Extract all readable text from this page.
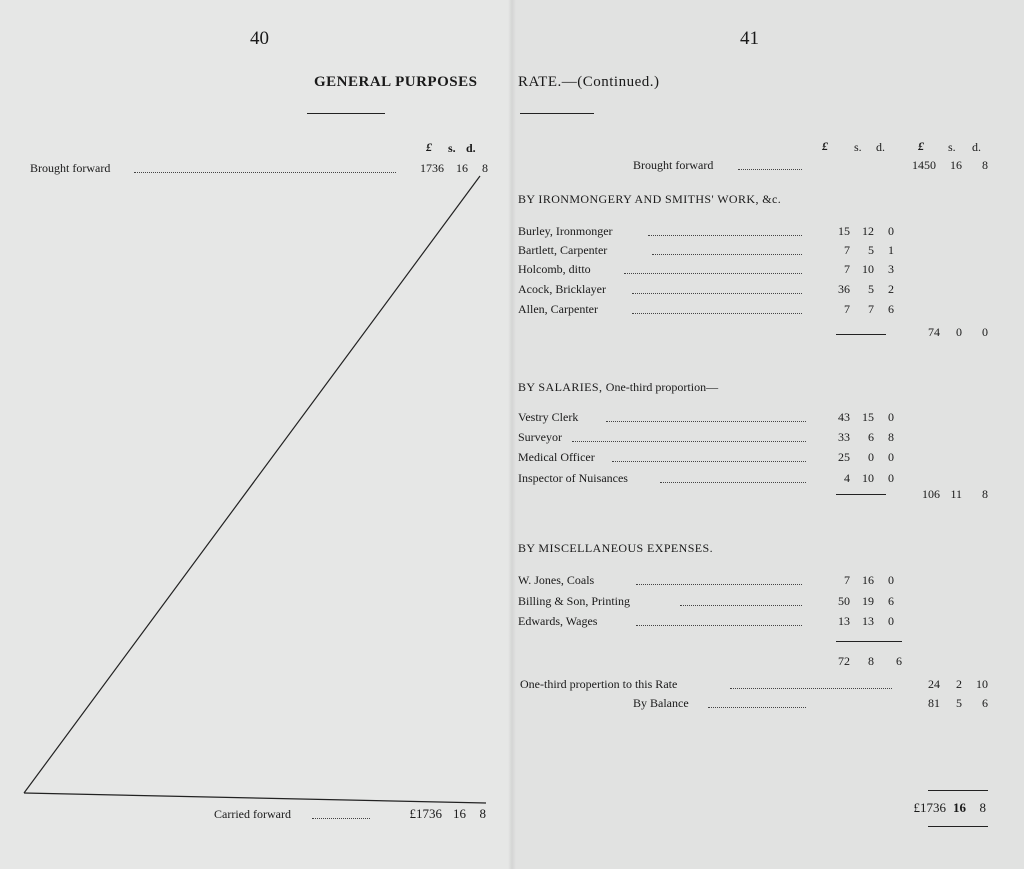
40
GENERAL PURPOSES
£ s. d.
Brought forward	1736	16	8
Carried forward	£1736 16	8
41
RATE.—(Continued.)
£ s. d.	£ s. d.
Brought forward	1450	16	8
BY IRONMONGERY AND SMITHS' WORK, &c.
Burley, Ironmonger	15	12	0
Bartlett, Carpenter	7	5	1
Holcomb, ditto	7	10	3
Acock, Bricklayer	36	5	2
Allen, Carpenter	7	7	6
74	0	0
BY SALARIES, One-third proportion—
Vestry Clerk	43	15	0
Surveyor	33	6	8
Medical Officer	25	0	0
Inspector of Nuisances	4	10	0
106 11	8
BY MISCELLANEOUS EXPENSES.
W. Jones, Coals	7	16	0
Billing & Son, Printing	50	19	6
Edwards, Wages	13	13	0
72	8	6
One-third propertion to this Rate	24	2	10
By Balance	81	5	6
£1736 16	8
